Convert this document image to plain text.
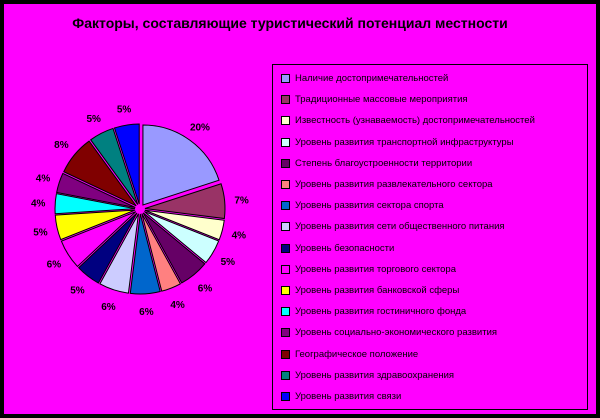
Факторы, составляющие туристический потенциал местности
20%
7%
4%
5%
6%
4%
6%
6%
5%
6%
5%
4%
4%
8%
5%
5%
Наличие достопримечательностей
Традиционные массовые мероприятия
Известность (узнаваемость) достопримечательностей
Уровень развития транспортной инфраструктуры
Степень благоустроенности территории
Уровень развития развлекательного сектора
Уровень развития сектора спорта
Уровень развития сети общественного питания
Уровень безопасности
Уровень развития торгового сектора
Уровень развития банковской сферы
Уровень развития гостиничного фонда
Уровень социально-экономического развития
Географическое положение
Уровень развития здравоохранения
Уровень развития связи
